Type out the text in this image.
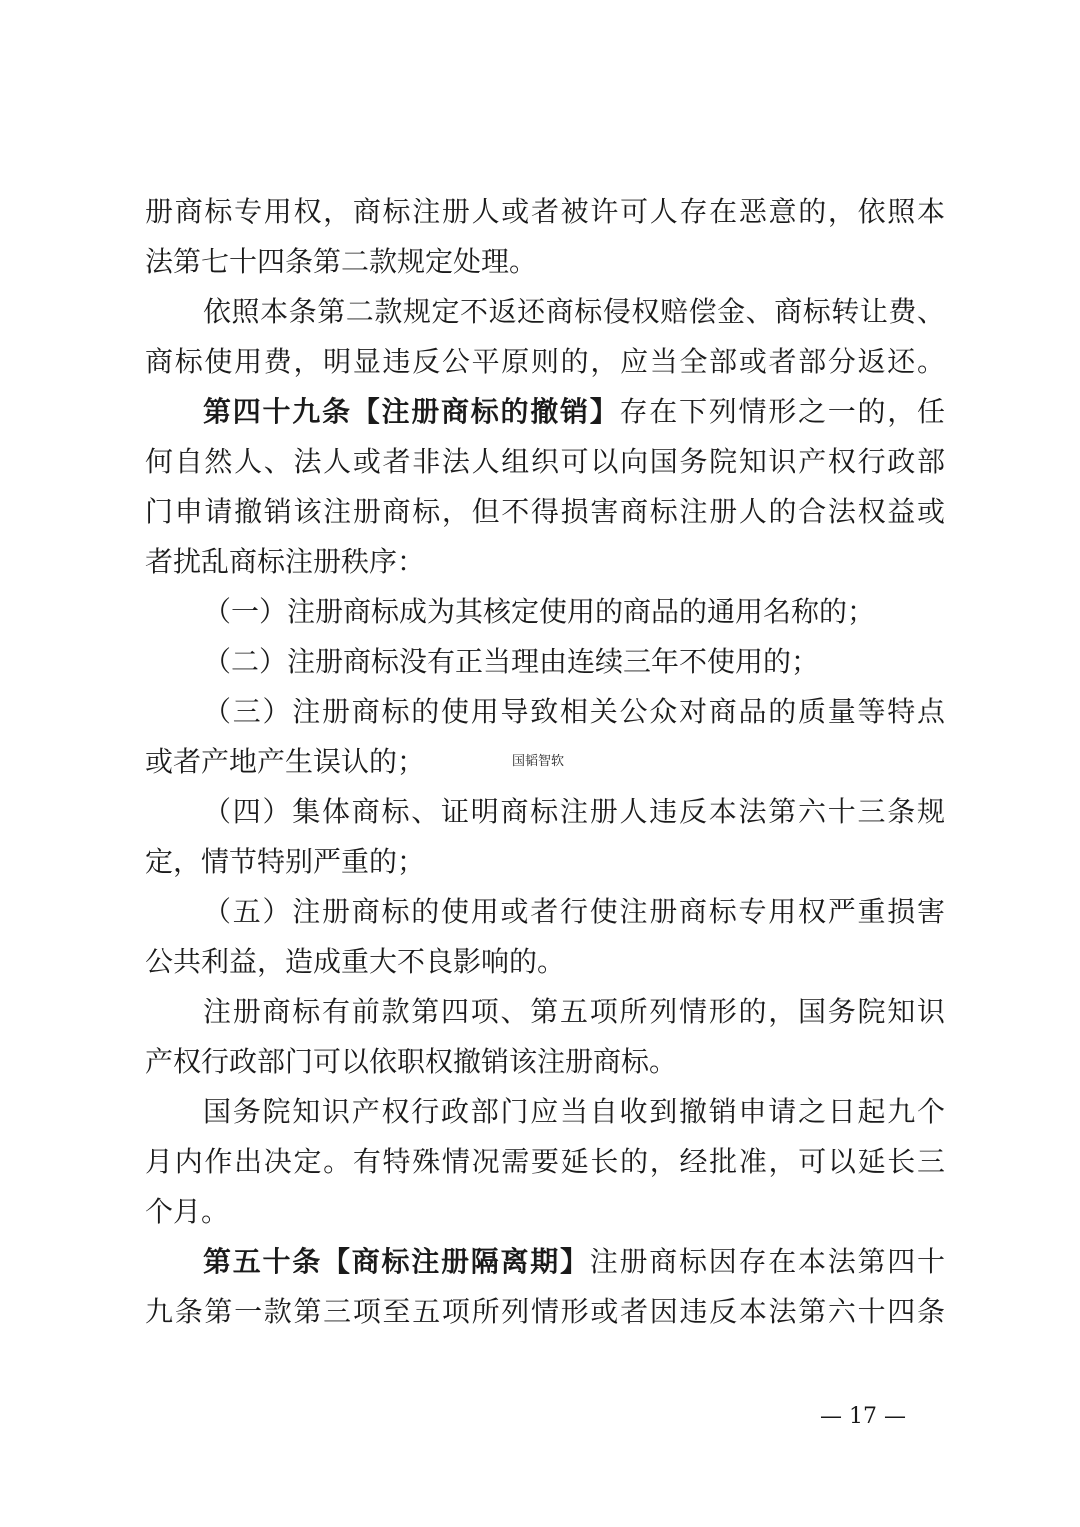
册商标专用权，商标注册人或者被许可人存在恶意的，依照本
法第七十四条第二款规定处理。
依照本条第二款规定不返还商标侵权赔偿金、商标转让费、
商标使用费，明显违反公平原则的，应当全部或者部分返还。
第四十九条【注册商标的撤销】存在下列情形之一的，任
何自然人、法人或者非法人组织可以向国务院知识产权行政部
门申请撤销该注册商标，但不得损害商标注册人的合法权益或
者扰乱商标注册秩序：
（一）注册商标成为其核定使用的商品的通用名称的；
（二）注册商标没有正当理由连续三年不使用的；
（三）注册商标的使用导致相关公众对商品的质量等特点
或者产地产生误认的；
（四）集体商标、证明商标注册人违反本法第六十三条规
定，情节特别严重的；
（五）注册商标的使用或者行使注册商标专用权严重损害
公共利益，造成重大不良影响的。
注册商标有前款第四项、第五项所列情形的，国务院知识
产权行政部门可以依职权撤销该注册商标。
国务院知识产权行政部门应当自收到撤销申请之日起九个
月内作出决定。有特殊情况需要延长的，经批准，可以延长三
个月。
第五十条【商标注册隔离期】注册商标因存在本法第四十
九条第一款第三项至五项所列情形或者因违反本法第六十四条
国韬智软
— 17 —
